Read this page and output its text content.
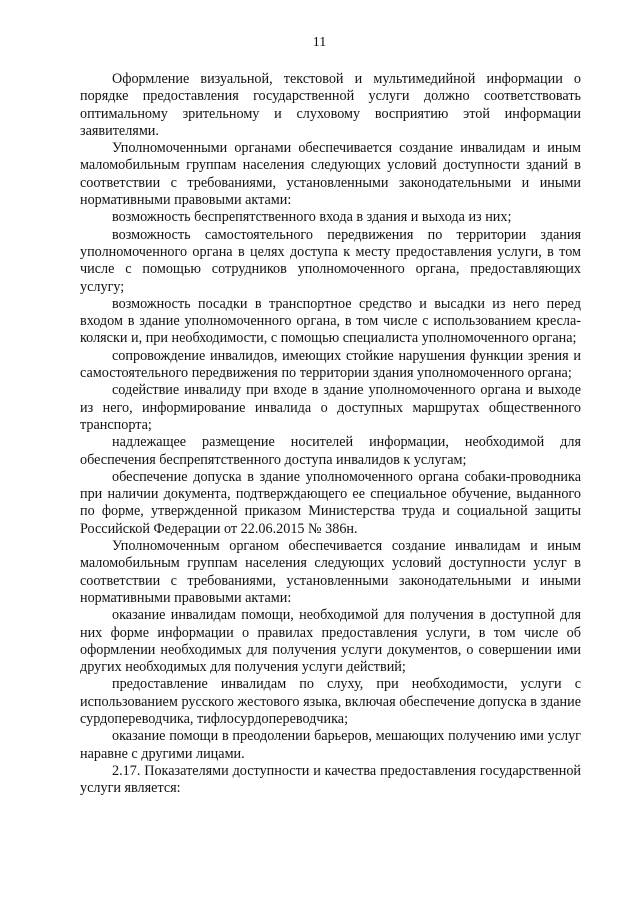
11

Оформление визуальной, текстовой и мультимедийной информации о порядке предоставления государственной услуги должно соответствовать оптимальному зрительному и слуховому восприятию этой информации заявителями.

Уполномоченными органами обеспечивается создание инвалидам и иным маломобильным группам населения следующих условий доступности зданий в соответствии с требованиями, установленными законодательными и иными нормативными правовыми актами:

возможность беспрепятственного входа в здания и выхода из них;

возможность самостоятельного передвижения по территории здания уполномоченного органа в целях доступа к месту предоставления услуги, в том числе с помощью сотрудников уполномоченного органа, предоставляющих услугу;

возможность посадки в транспортное средство и высадки из него перед входом в здание уполномоченного органа, в том числе с использованием кресла-коляски и, при необходимости, с помощью специалиста уполномоченного органа;

сопровождение инвалидов, имеющих стойкие нарушения функции зрения и самостоятельного передвижения по территории здания уполномоченного органа;

содействие инвалиду при входе в здание уполномоченного органа и выходе из него, информирование инвалида о доступных маршрутах общественного транспорта;

надлежащее размещение носителей информации, необходимой для обеспечения беспрепятственного доступа инвалидов к услугам;

обеспечение допуска в здание уполномоченного органа собаки-проводника при наличии документа, подтверждающего ее специальное обучение, выданного по форме, утвержденной приказом Министерства труда и социальной защиты Российской Федерации от 22.06.2015 № 386н.

Уполномоченным органом обеспечивается создание инвалидам и иным маломобильным группам населения следующих условий доступности услуг в соответствии с требованиями, установленными законодательными и иными нормативными правовыми актами:

оказание инвалидам помощи, необходимой для получения в доступной для них форме информации о правилах предоставления услуги, в том числе об оформлении необходимых для получения услуги документов, о совершении ими других необходимых для получения услуги действий;

предоставление инвалидам по слуху, при необходимости, услуги с использованием русского жестового языка, включая обеспечение допуска в здание сурдопереводчика, тифлосурдопереводчика;

оказание помощи в преодолении барьеров, мешающих получению ими услуг наравне с другими лицами.

2.17. Показателями доступности и качества предоставления государственной услуги является:
